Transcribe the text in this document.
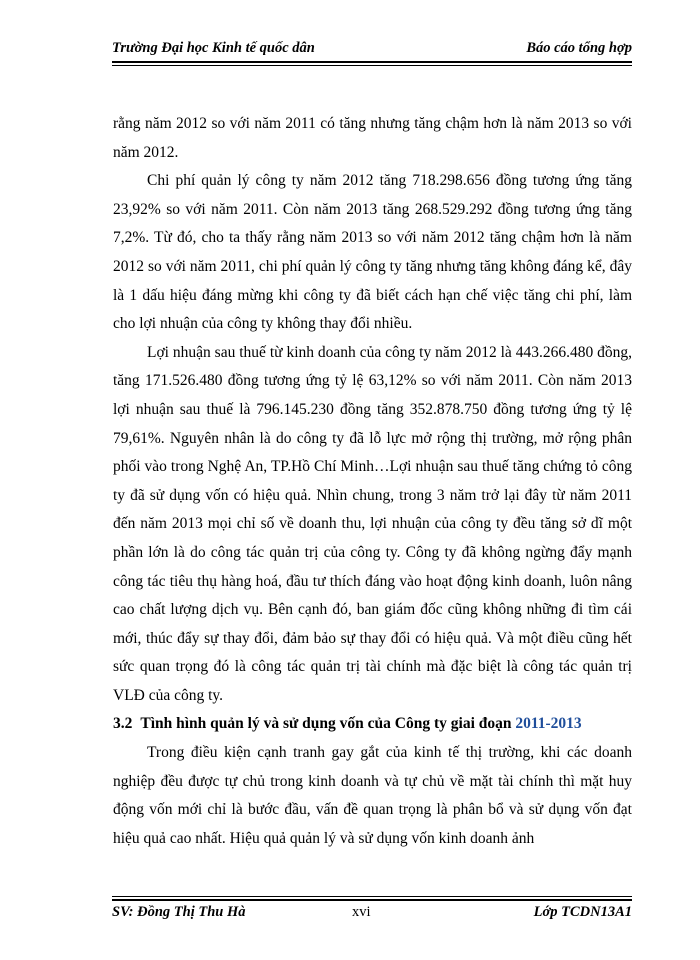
Trường Đại học Kinh tế quốc dân	Báo cáo tổng hợp

rằng năm 2012 so với năm 2011 có tăng nhưng tăng chậm hơn là năm 2013 so với năm 2012.

Chi phí quản lý công ty năm 2012 tăng 718.298.656 đồng tương ứng tăng 23,92% so với năm 2011. Còn năm 2013 tăng 268.529.292 đồng tương ứng tăng 7,2%. Từ đó, cho ta thấy rằng năm 2013 so với năm 2012 tăng chậm hơn là năm 2012 so với năm 2011, chi phí quản lý công ty tăng nhưng tăng không đáng kể, đây là 1 dấu hiệu đáng mừng khi công ty đã biết cách hạn chế việc tăng chi phí, làm cho lợi nhuận của công ty không thay đổi nhiều.

Lợi nhuận sau thuế từ kinh doanh của công ty năm 2012 là 443.266.480 đồng, tăng 171.526.480 đồng tương ứng tỷ lệ 63,12% so với năm 2011. Còn năm 2013 lợi nhuận sau thuế là 796.145.230 đồng tăng 352.878.750 đồng tương ứng tỷ lệ 79,61%. Nguyên nhân là do công ty đã lỗ lực mở rộng thị trường, mở rộng phân phối vào trong Nghệ An, TP.Hồ Chí Minh…Lợi nhuận sau thuế tăng chứng tỏ công ty đã sử dụng vốn có hiệu quả. Nhìn chung, trong 3 năm trở lại đây từ năm 2011 đến năm 2013 mọi chỉ số về doanh thu, lợi nhuận của công ty đều tăng sở dĩ một phần lớn là do công tác quản trị của công ty. Công ty đã không ngừng đẩy mạnh công tác tiêu thụ hàng hoá, đầu tư thích đáng vào hoạt động kinh doanh, luôn nâng cao chất lượng dịch vụ. Bên cạnh đó, ban giám đốc cũng không những đi tìm cái mới, thúc đẩy sự thay đổi, đảm bảo sự thay đổi có hiệu quả. Và một điều cũng hết sức quan trọng đó là công tác quản trị tài chính mà đặc biệt là công tác quản trị VLĐ của công ty.

3.2 Tình hình quản lý và sử dụng vốn của Công ty giai đoạn 2011-2013

Trong điều kiện cạnh tranh gay gắt của kinh tế thị trường, khi các doanh nghiệp đều được tự chủ trong kinh doanh và tự chủ về mặt tài chính thì mặt huy động vốn mới chỉ là bước đầu, vấn đề quan trọng là phân bổ và sử dụng vốn đạt hiệu quả cao nhất. Hiệu quả quản lý và sử dụng vốn kinh doanh ảnh

SV: Đồng Thị Thu Hà	xvi	Lớp TCDN13A1
